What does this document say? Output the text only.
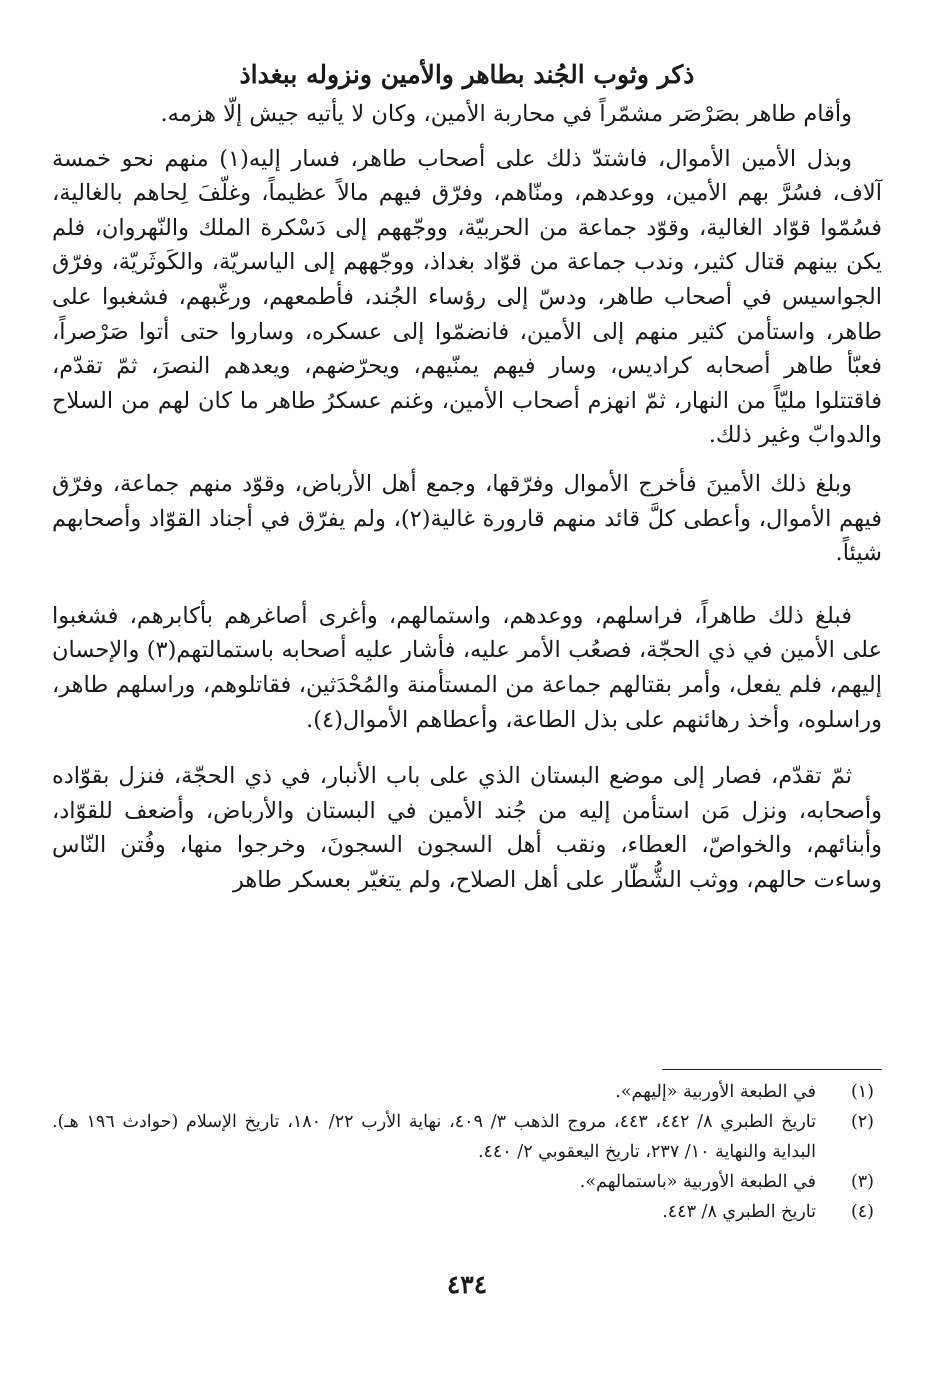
ذكر وثوب الجُند بطاهر والأمين ونزوله ببغداذ

وأقام طاهر بصَرْصَر مشمّراً في محاربة الأمين، وكان لا يأتيه جيش إلّا هزمه.

وبذل الأمين الأموال، فاشتدّ ذلك على أصحاب طاهر، فسار إليه(١) منهم نحو خمسة آلاف، فسُرَّ بهم الأمين، ووعدهم، ومنّاهم، وفرّق فيهم مالاً عظيماً، وغلّفَ لِحاهم بالغالية، فسُمّوا قوّاد الغالية، وقوّد جماعة من الحربيّة، ووجّههم إلى دَسْكرة الملك والنّهروان، فلم يكن بينهم قتال كثير، وندب جماعة من قوّاد بغداذ، ووجّههم إلى الياسريّة، والكَوثَريّة، وفرّق الجواسيس في أصحاب طاهر، ودسّ إلى رؤساء الجُند، فأطمعهم، ورغّبهم، فشغبوا على طاهر، واستأمن كثير منهم إلى الأمين، فانضمّوا إلى عسكره، وساروا حتى أتوا صَرْصراً، فعبّأ طاهر أصحابه كراديس، وسار فيهم يمنّيهم، ويحرّضهم، ويعدهم النصرَ، ثمّ تقدّم، فاقتتلوا مليّاً من النهار، ثمّ انهزم أصحاب الأمين، وغنم عسكرُ طاهر ما كان لهم من السلاح والدوابّ وغير ذلك.

وبلغ ذلك الأمينَ فأخرج الأموال وفرّقها، وجمع أهل الأرباض، وقوّد منهم جماعة، وفرّق فيهم الأموال، وأعطى كلَّ قائد منهم قارورة غالية(٢)، ولم يفرّق في أجناد القوّاد وأصحابهم شيئاً.

فبلغ ذلك طاهراً، فراسلهم، ووعدهم، واستمالهم، وأغرى أصاغرهم بأكابرهم، فشغبوا على الأمين في ذي الحجّة، فصعُب الأمر عليه، فأشار عليه أصحابه باستمالتهم(٣) والإحسان إليهم، فلم يفعل، وأمر بقتالهم جماعة من المستأمنة والمُحْدَثين، فقاتلوهم، وراسلهم طاهر، وراسلوه، وأخذ رهائنهم على بذل الطاعة، وأعطاهم الأموال(٤).

ثمّ تقدّم، فصار إلى موضع البستان الذي على باب الأنبار، في ذي الحجّة، فنزل بقوّاده وأصحابه، ونزل مَن استأمن إليه من جُند الأمين في البستان والأرباض، وأضعف للقوّاد، وأبنائهم، والخواصّ، العطاء، ونقب أهل السجون السجونَ، وخرجوا منها، وفُتن النّاس وساءت حالهم، ووثب الشُّطّار على أهل الصلاح، ولم يتغيّر بعسكر طاهر

(١)
في الطبعة الأوربية «إليهم».
(٢)
تاريخ الطبري ٨/ ٤٤٢، ٤٤٣، مروج الذهب ٣/ ٤٠٩، نهاية الأرب ٢٢/ ١٨٠، تاريخ الإسلام (حوادث ١٩٦ هـ). البداية والنهاية ١٠/ ٢٣٧، تاريخ اليعقوبي ٢/ ٤٤٠.
(٣)
في الطبعة الأوربية «باستمالهم».
(٤)
تاريخ الطبري ٨/ ٤٤٣.
٤٣٤
